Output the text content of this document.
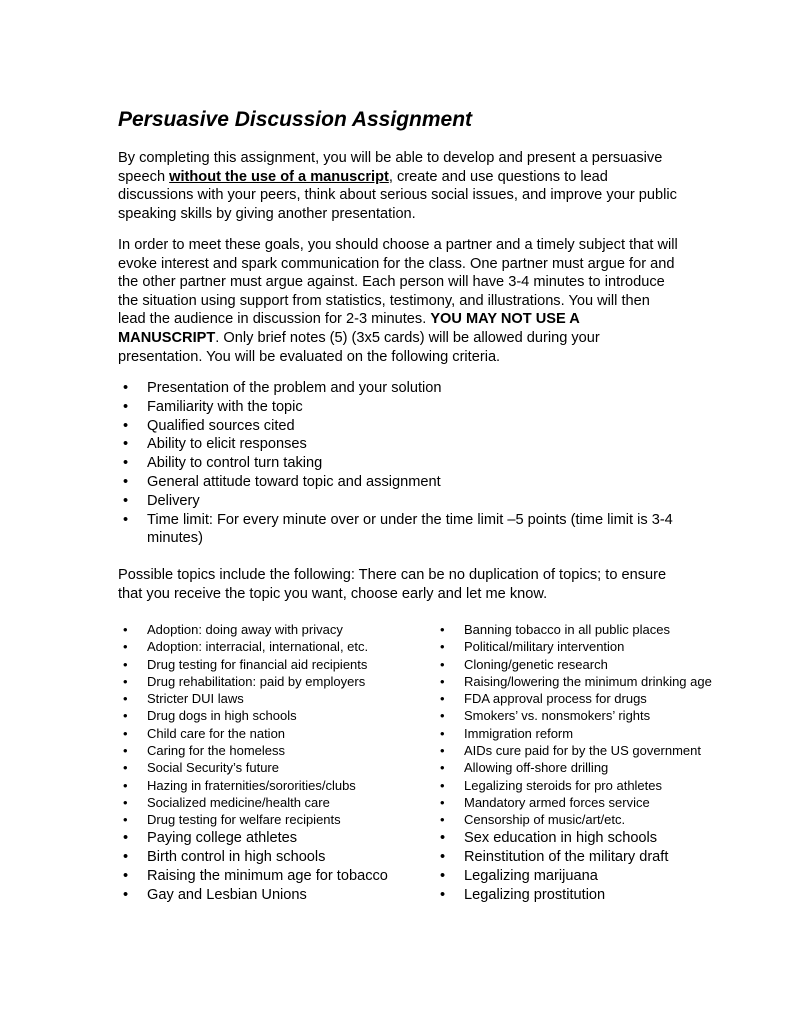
Persuasive Discussion Assignment

By completing this assignment, you will be able to develop and present a persuasive speech without the use of a manuscript, create and use questions to lead discussions with your peers, think about serious social issues, and improve your public speaking skills by giving another presentation.

In order to meet these goals, you should choose a partner and a timely subject that will evoke interest and spark communication for the class. One partner must argue for and the other partner must argue against. Each person will have 3-4 minutes to introduce the situation using support from statistics, testimony, and illustrations. You will then lead the audience in discussion for 2-3 minutes. YOU MAY NOT USE A MANUSCRIPT. Only brief notes (5) (3x5 cards) will be allowed during your presentation. You will be evaluated on the following criteria.

• Presentation of the problem and your solution
• Familiarity with the topic
• Qualified sources cited
• Ability to elicit responses
• Ability to control turn taking
• General attitude toward topic and assignment
• Delivery
• Time limit: For every minute over or under the time limit –5 points (time limit is 3-4 minutes)

Possible topics include the following: There can be no duplication of topics; to ensure that you receive the topic you want, choose early and let me know.

• Adoption: doing away with privacy
• Adoption: interracial, international, etc.
• Drug testing for financial aid recipients
• Drug rehabilitation: paid by employers
• Stricter DUI laws
• Drug dogs in high schools
• Child care for the nation
• Caring for the homeless
• Social Security’s future
• Hazing in fraternities/sororities/clubs
• Socialized medicine/health care
• Drug testing for welfare recipients
• Paying college athletes
• Birth control in high schools
• Raising the minimum age for tobacco
• Gay and Lesbian Unions
• Banning tobacco in all public places
• Political/military intervention
• Cloning/genetic research
• Raising/lowering the minimum drinking age
• FDA approval process for drugs
• Smokers’ vs. nonsmokers’ rights
• Immigration reform
• AIDs cure paid for by the US government
• Allowing off-shore drilling
• Legalizing steroids for pro athletes
• Mandatory armed forces service
• Censorship of music/art/etc.
• Sex education in high schools
• Reinstitution of the military draft
• Legalizing marijuana
• Legalizing prostitution
